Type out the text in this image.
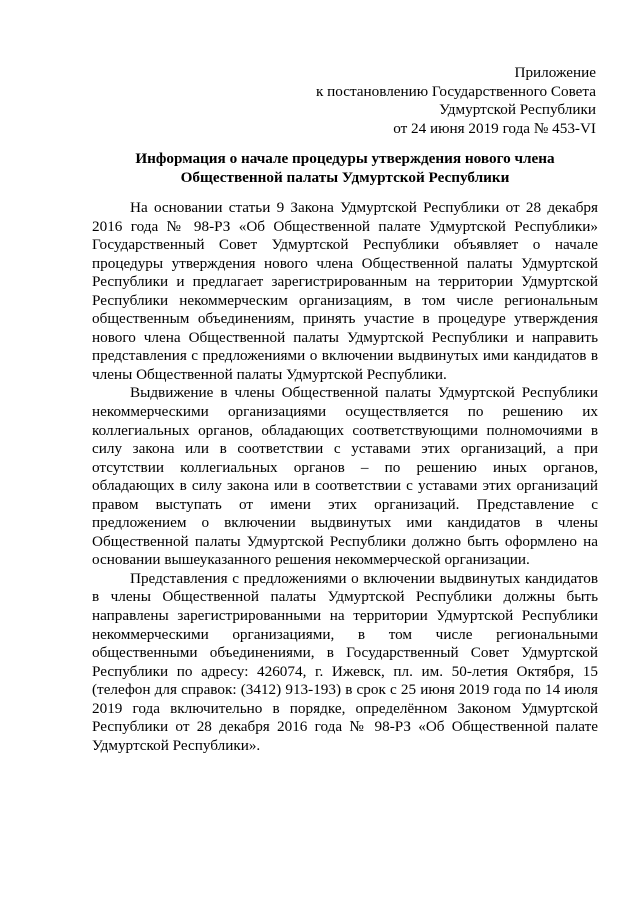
Приложение
к постановлению Государственного Совета
Удмуртской Республики
от 24 июня 2019 года № 453-VI
Информация о начале процедуры утверждения нового члена
Общественной палаты Удмуртской Республики

На основании статьи 9 Закона Удмуртской Республики от 28 декабря 2016 года № 98-РЗ «Об Общественной палате Удмуртской Республики» Государственный Совет Удмуртской Республики объявляет о начале процедуры утверждения нового члена Общественной палаты Удмуртской Республики и предлагает зарегистрированным на территории Удмуртской Республики некоммерческим организациям, в том числе региональным общественным объединениям, принять участие в процедуре утверждения нового члена Общественной палаты Удмуртской Республики и направить представления с предложениями о включении выдвинутых ими кандидатов в члены Общественной палаты Удмуртской Республики.

Выдвижение в члены Общественной палаты Удмуртской Республики некоммерческими организациями осуществляется по решению их коллегиальных органов, обладающих соответствующими полномочиями в силу закона или в соответствии с уставами этих организаций, а при отсутствии коллегиальных органов – по решению иных органов, обладающих в силу закона или в соответствии с уставами этих организаций правом выступать от имени этих организаций. Представление с предложением о включении выдвинутых ими кандидатов в члены Общественной палаты Удмуртской Республики должно быть оформлено на основании вышеуказанного решения некоммерческой организации.

Представления с предложениями о включении выдвинутых кандидатов в члены Общественной палаты Удмуртской Республики должны быть направлены зарегистрированными на территории Удмуртской Республики некоммерческими организациями, в том числе региональными общественными объединениями, в Государственный Совет Удмуртской Республики по адресу: 426074, г. Ижевск, пл. им. 50-летия Октября, 15 (телефон для справок: (3412) 913-193) в срок с 25 июня 2019 года по 14 июля 2019 года включительно в порядке, определённом Законом Удмуртской Республики от 28 декабря 2016 года № 98-РЗ «Об Общественной палате Удмуртской Республики».
